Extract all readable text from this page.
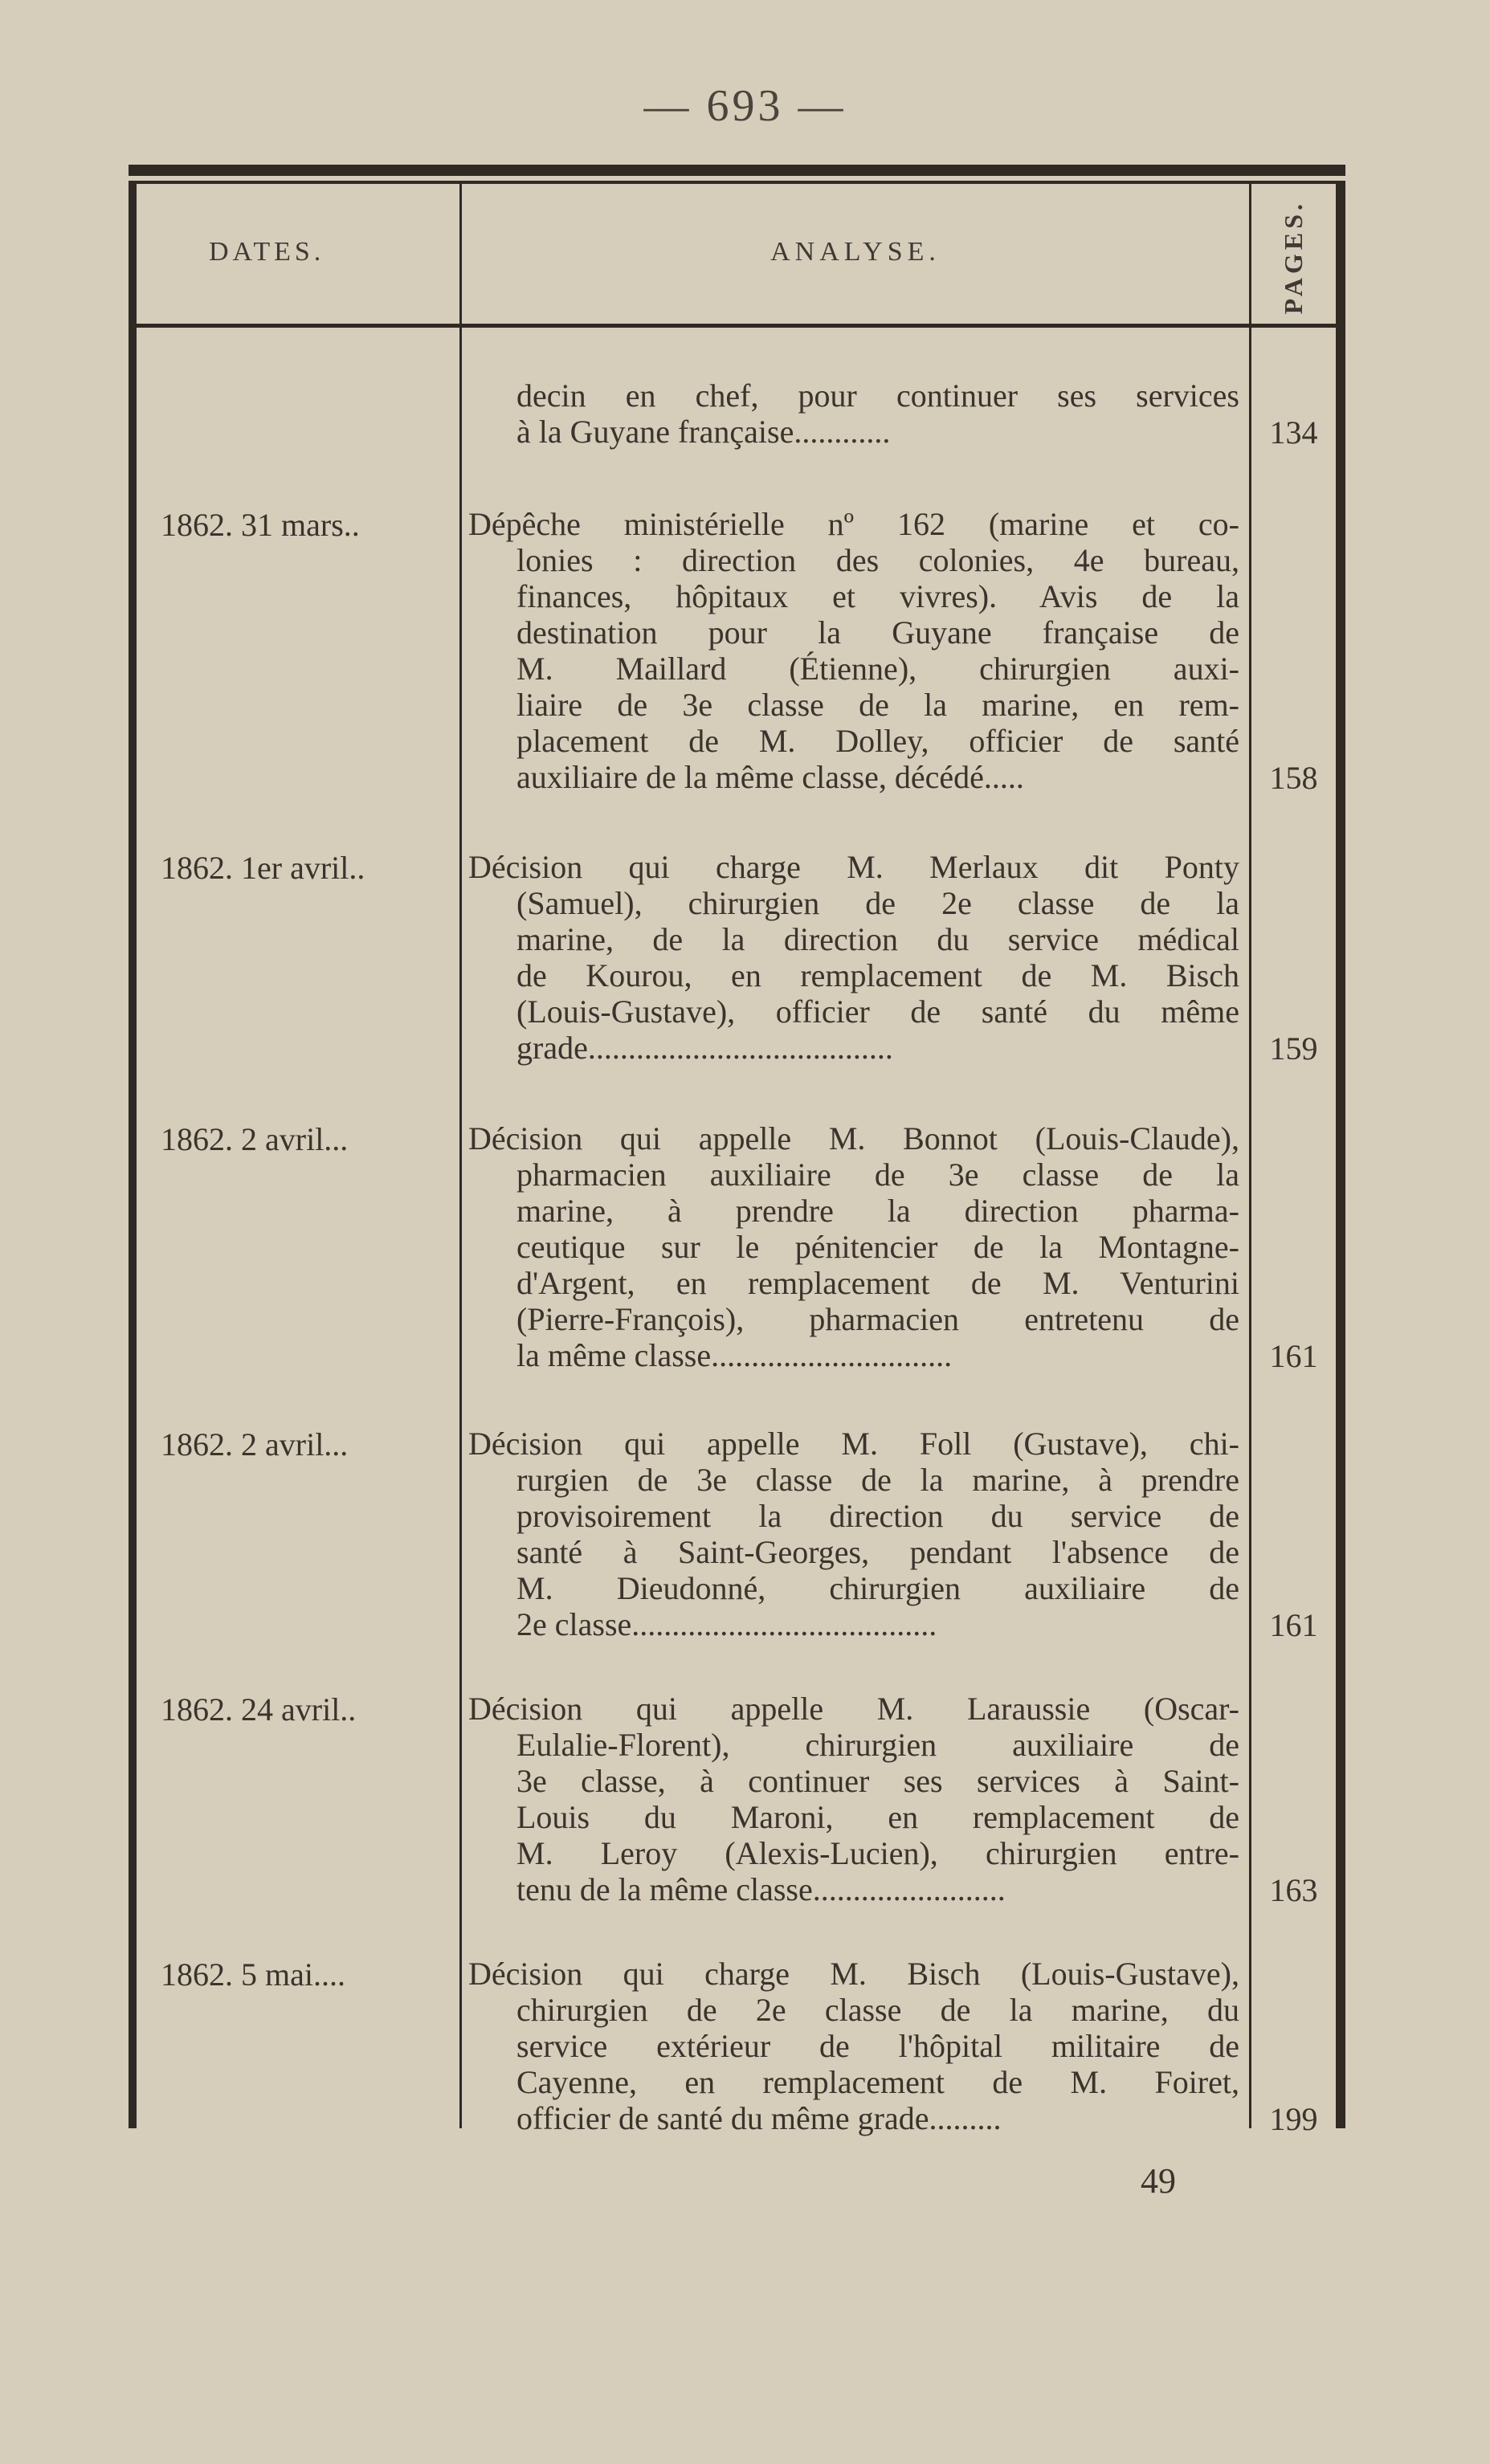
— 693 —
DATES.	ANALYSE.	PAGES.
decin en chef, pour continuer ses services
à la Guyane française............	134
1862. 31 mars..	Dépêche ministérielle nº 162 (marine et co-
lonies : direction des colonies, 4e bureau,
finances, hôpitaux et vivres). Avis de la
destination pour la Guyane française de
M. Maillard (Étienne), chirurgien auxi-
liaire de 3e classe de la marine, en rem-
placement de M. Dolley, officier de santé
auxiliaire de la même classe, décédé.....	158
1862. 1er avril..	Décision qui charge M. Merlaux dit Ponty
(Samuel), chirurgien de 2e classe de la
marine, de la direction du service médical
de Kourou, en remplacement de M. Bisch
(Louis-Gustave), officier de santé du même
grade......................................	159
1862. 2 avril...	Décision qui appelle M. Bonnot (Louis-Claude),
pharmacien auxiliaire de 3e classe de la
marine, à prendre la direction pharma-
ceutique sur le pénitencier de la Montagne-
d'Argent, en remplacement de M. Venturini
(Pierre-François), pharmacien entretenu de
la même classe..............................	161
1862. 2 avril...	Décision qui appelle M. Foll (Gustave), chi-
rurgien de 3e classe de la marine, à prendre
provisoirement la direction du service de
santé à Saint-Georges, pendant l'absence de
M. Dieudonné, chirurgien auxiliaire de
2e classe......................................	161
1862. 24 avril..	Décision qui appelle M. Laraussie (Oscar-
Eulalie-Florent), chirurgien auxiliaire de
3e classe, à continuer ses services à Saint-
Louis du Maroni, en remplacement de
M. Leroy (Alexis-Lucien), chirurgien entre-
tenu de la même classe........................	163
1862. 5 mai....	Décision qui charge M. Bisch (Louis-Gustave),
chirurgien de 2e classe de la marine, du
service extérieur de l'hôpital militaire de
Cayenne, en remplacement de M. Foiret,
officier de santé du même grade.........	199
49
